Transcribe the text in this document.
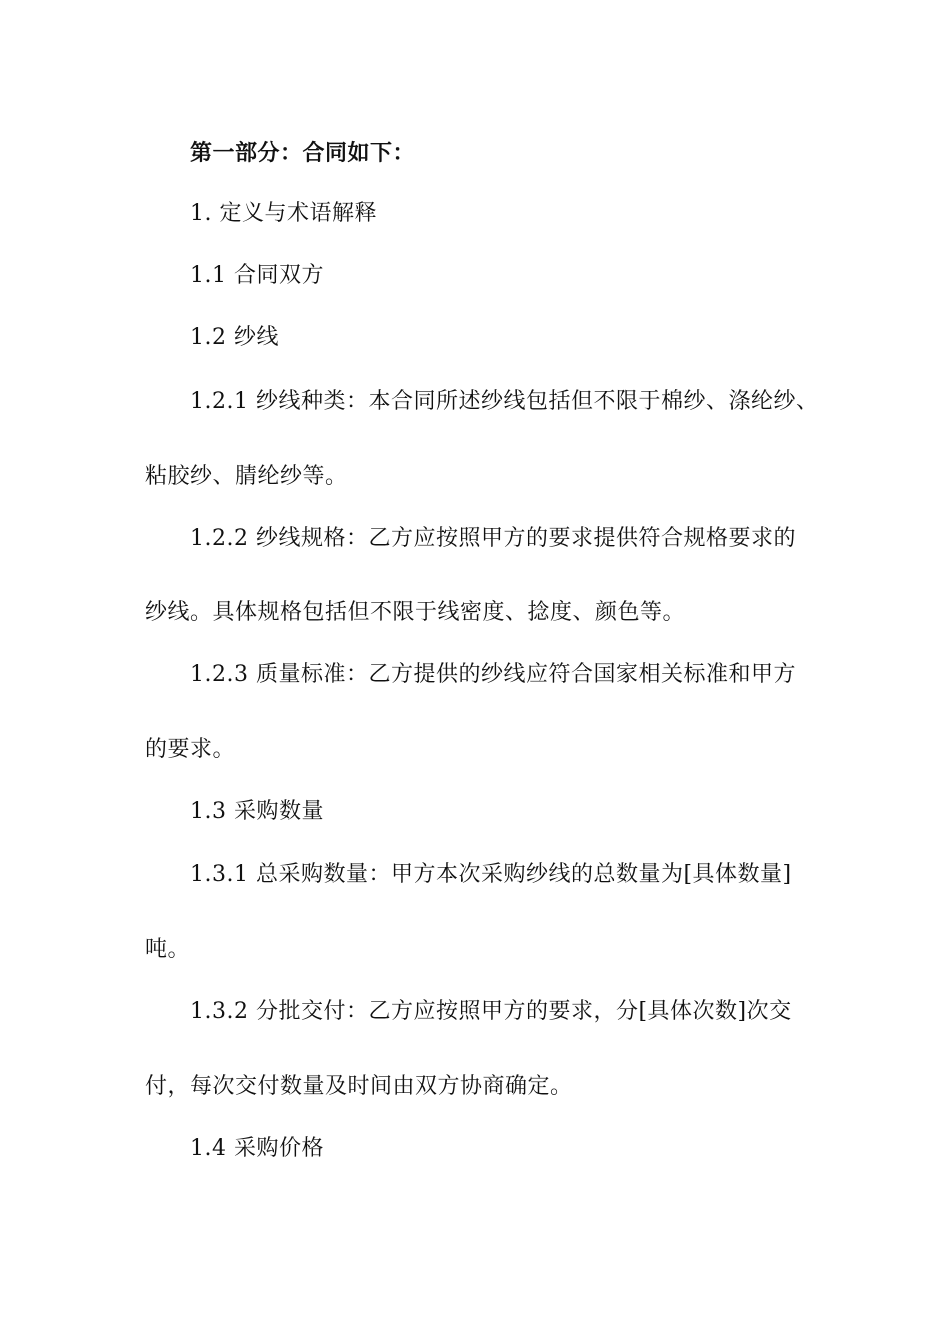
第一部分：合同如下：
1. 定义与术语解释
1.1 合同双方
1.2 纱线
1.2.1 纱线种类：本合同所述纱线包括但不限于棉纱、涤纶纱、
粘胶纱、腈纶纱等。
1.2.2 纱线规格：乙方应按照甲方的要求提供符合规格要求的
纱线。具体规格包括但不限于线密度、捻度、颜色等。
1.2.3 质量标准：乙方提供的纱线应符合国家相关标准和甲方
的要求。
1.3 采购数量
1.3.1 总采购数量：甲方本次采购纱线的总数量为[具体数量]
吨。
1.3.2 分批交付：乙方应按照甲方的要求，分[具体次数]次交
付，每次交付数量及时间由双方协商确定。
1.4 采购价格
